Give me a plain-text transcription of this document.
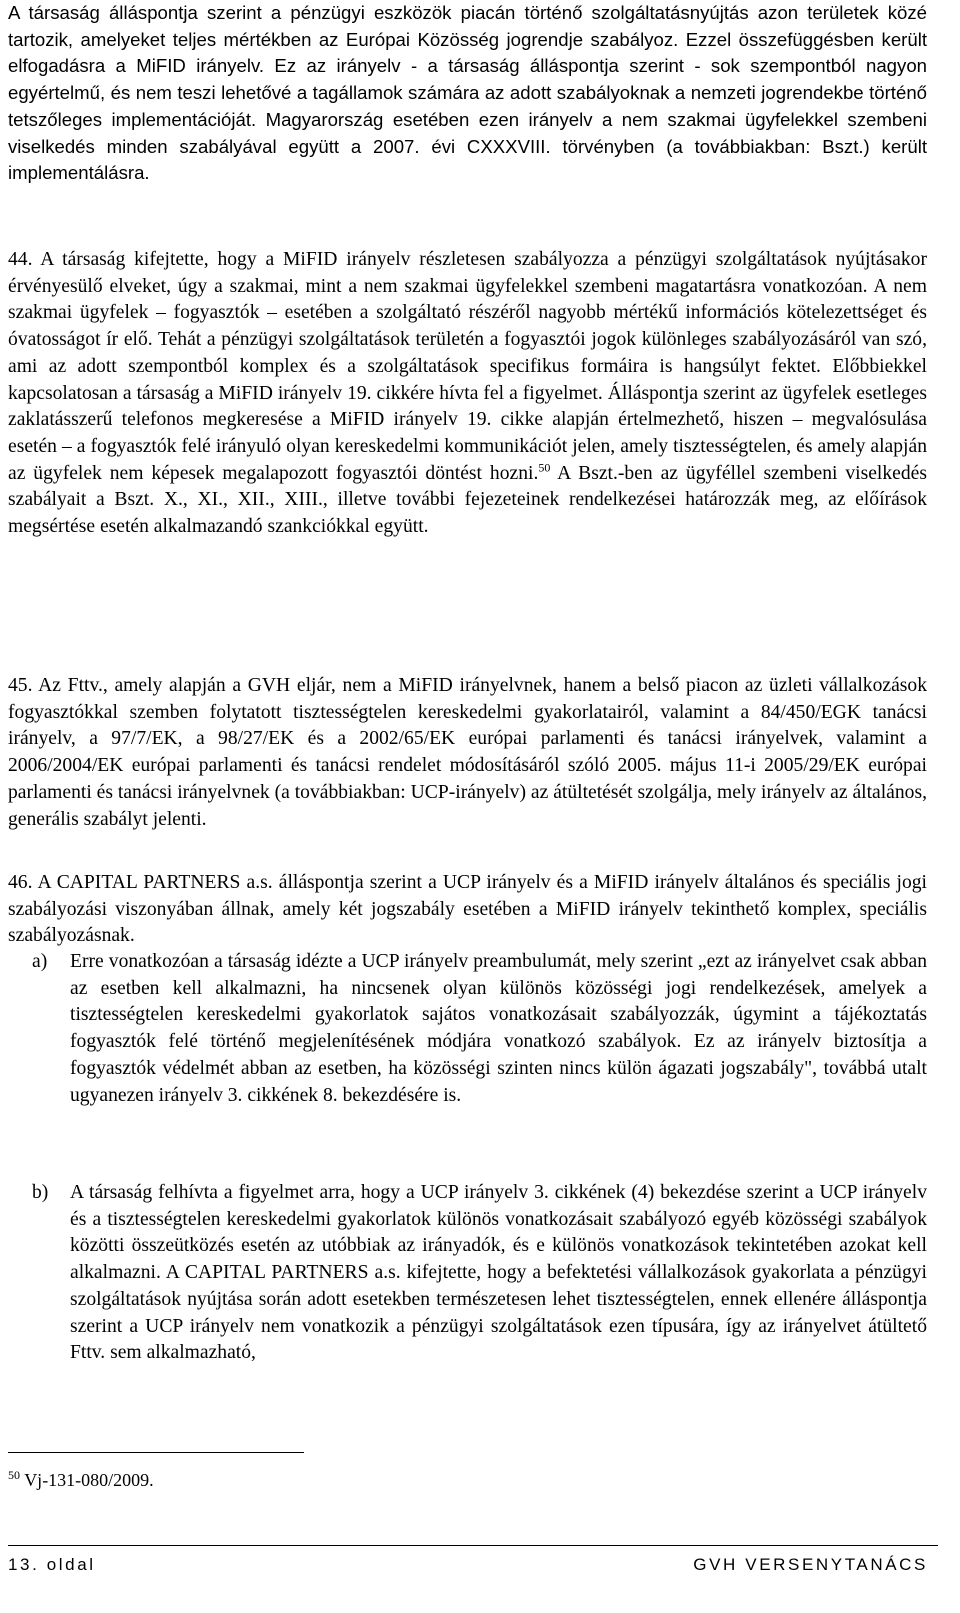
A társaság álláspontja szerint a pénzügyi eszközök piacán történő szolgáltatásnyújtás azon területek közé tartozik, amelyeket teljes mértékben az Európai Közösség jogrendje szabályoz. Ezzel összefüggésben került elfogadásra a MiFID irányelv. Ez az irányelv - a társaság álláspontja szerint - sok szempontból nagyon egyértelmű, és nem teszi lehetővé a tagállamok számára az adott szabályoknak a nemzeti jogrendekbe történő tetszőleges implementációját. Magyarország esetében ezen irányelv a nem szakmai ügyfelekkel szembeni viselkedés minden szabályával együtt a 2007. évi CXXXVIII. törvényben (a továbbiakban: Bszt.) került implementálásra.

44. A társaság kifejtette, hogy a MiFID irányelv részletesen szabályozza a pénzügyi szolgáltatások nyújtásakor érvényesülő elveket, úgy a szakmai, mint a nem szakmai ügyfelekkel szembeni magatartásra vonatkozóan. A nem szakmai ügyfelek – fogyasztók – esetében a szolgáltató részéről nagyobb mértékű információs kötelezettséget és óvatosságot ír elő. Tehát a pénzügyi szolgáltatások területén a fogyasztói jogok különleges szabályozásáról van szó, ami az adott szempontból komplex és a szolgáltatások specifikus formáira is hangsúlyt fektet. Előbbiekkel kapcsolatosan a társaság a MiFID irányelv 19. cikkére hívta fel a figyelmet. Álláspontja szerint az ügyfelek esetleges zaklatásszerű telefonos megkeresése a MiFID irányelv 19. cikke alapján értelmezhető, hiszen – megvalósulása esetén – a fogyasztók felé irányuló olyan kereskedelmi kommunikációt jelen, amely tisztességtelen, és amely alapján az ügyfelek nem képesek megalapozott fogyasztói döntést hozni.$^{50}$ A Bszt.-ben az ügyféllel szembeni viselkedés szabályait a Bszt. X., XI., XII., XIII., illetve további fejezeteinek rendelkezései határozzák meg, az előírások megsértése esetén alkalmazandó szankciókkal együtt.

45. Az Fttv., amely alapján a GVH eljár, nem a MiFID irányelvnek, hanem a belső piacon az üzleti vállalkozások fogyasztókkal szemben folytatott tisztességtelen kereskedelmi gyakorlatairól, valamint a 84/450/EGK tanácsi irányelv, a 97/7/EK, a 98/27/EK és a 2002/65/EK európai parlamenti és tanácsi irányelvek, valamint a 2006/2004/EK európai parlamenti és tanácsi rendelet módosításáról szóló 2005. május 11-i 2005/29/EK európai parlamenti és tanácsi irányelvnek (a továbbiakban: UCP-irányelv) az átültetését szolgálja, mely irányelv az általános, generális szabályt jelenti.

46. A CAPITAL PARTNERS a.s. álláspontja szerint a UCP irányelv és a MiFID irányelv általános és speciális jogi szabályozási viszonyában állnak, amely két jogszabály esetében a MiFID irányelv tekinthető komplex, speciális szabályozásnak.

a) Erre vonatkozóan a társaság idézte a UCP irányelv preambulumát, mely szerint „ezt az irányelvet csak abban az esetben kell alkalmazni, ha nincsenek olyan különös közösségi jogi rendelkezések, amelyek a tisztességtelen kereskedelmi gyakorlatok sajátos vonatkozásait szabályozzák, úgymint a tájékoztatás fogyasztók felé történő megjelenítésének módjára vonatkozó szabályok. Ez az irányelv biztosítja a fogyasztók védelmét abban az esetben, ha közösségi szinten nincs külön ágazati jogszabály", továbbá utalt ugyanezen irányelv 3. cikkének 8. bekezdésére is.
b) A társaság felhívta a figyelmet arra, hogy a UCP irányelv 3. cikkének (4) bekezdése szerint a UCP irányelv és a tisztességtelen kereskedelmi gyakorlatok különös vonatkozásait szabályozó egyéb közösségi szabályok közötti összeütközés esetén az utóbbiak az irányadók, és e különös vonatkozások tekintetében azokat kell alkalmazni. A CAPITAL PARTNERS a.s. kifejtette, hogy a befektetési vállalkozások gyakorlata a pénzügyi szolgáltatások nyújtása során adott esetekben természetesen lehet tisztességtelen, ennek ellenére álláspontja szerint a UCP irányelv nem vonatkozik a pénzügyi szolgáltatások ezen típusára, így az irányelvet átültető Fttv. sem alkalmazható,
$^{50}$ Vj-131-080/2009.
13. oldal	GVH VERSENYTANÁCS
